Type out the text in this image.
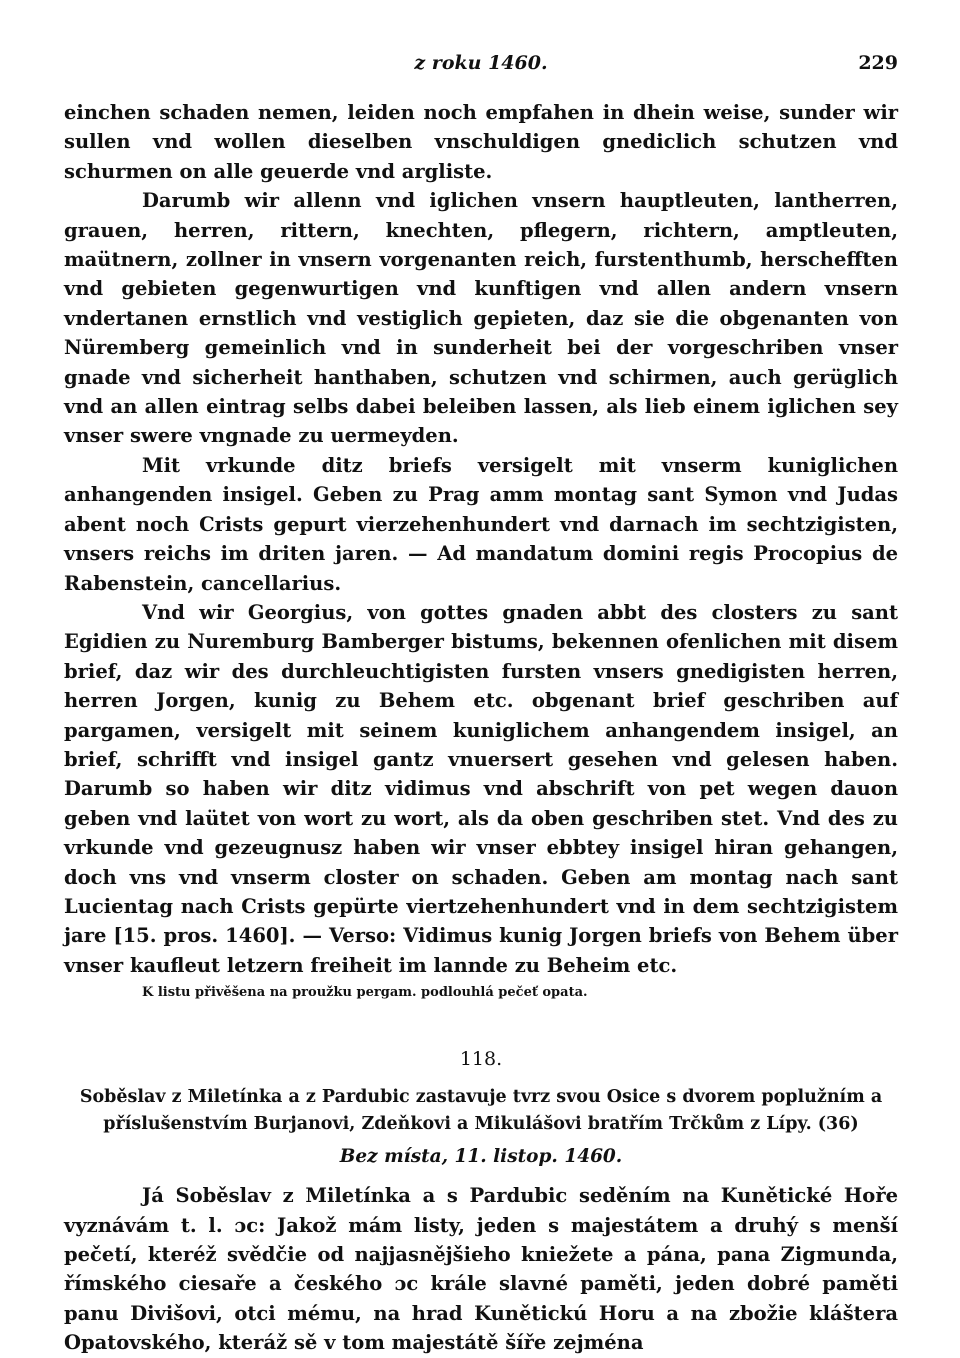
z roku 1460.	229

einchen schaden nemen, leiden noch empfahen in dhein weise, sunder wir sullen vnd wollen dieselben vnschuldigen gnediclich schutzen vnd schurmen on alle geuerde vnd argliste.

Darumb wir allenn vnd iglichen vnsern hauptleuten, lantherren, grauen, herren, rittern, knechten, pflegern, richtern, amptleuten, maütnern, zollner in vnsern vorgenanten reich, furstenthumb, herschefften vnd gebieten gegenwurtigen vnd kunftigen vnd allen andern vnsern vndertanen ernstlich vnd vestiglich gepieten, daz sie die obgenanten von Nüremberg gemeinlich vnd in sunderheit bei der vorgeschriben vnser gnade vnd sicherheit hanthaben, schutzen vnd schirmen, auch gerüglich vnd an allen eintrag selbs dabei beleiben lassen, als lieb einem iglichen sey vnser swere vngnade zu uermeyden.

Mit vrkunde ditz briefs versigelt mit vnserm kuniglichen anhangenden insigel. Geben zu Prag amm montag sant Symon vnd Judas abent noch Crists gepurt vierzehenhundert vnd darnach im sechtzigisten, vnsers reichs im driten jaren. — Ad mandatum domini regis Procopius de Rabenstein, cancellarius.

Vnd wir Georgius, von gottes gnaden abbt des closters zu sant Egidien zu Nuremburg Bamberger bistums, bekennen ofenlichen mit disem brief, daz wir des durchleuchtigisten fursten vnsers gnedigisten herren, herren Jorgen, kunig zu Behem etc. obgenant brief geschriben auf pargamen, versigelt mit seinem kuniglichem anhangendem insigel, an brief, schrifft vnd insigel gantz vnuersert gesehen vnd gelesen haben. Darumb so haben wir ditz vidimus vnd abschrift von pet wegen dauon geben vnd laütet von wort zu wort, als da oben geschriben stet. Vnd des zu vrkunde vnd gezeugnusz haben wir vnser ebbtey insigel hiran gehangen, doch vns vnd vnserm closter on schaden. Geben am montag nach sant Lucientag nach Crists gepürte viertzehenhundert vnd in dem sechtzigistem jare [15. pros. 1460]. — Verso: Vidimus kunig Jorgen briefs von Behem über vnser kaufleut letzern freiheit im lannde zu Beheim etc.

K listu přivěšena na proužku pergam. podlouhlá pečeť opata.
118.
Soběslav z Miletínka a z Pardubic zastavuje tvrz svou Osice s dvorem poplužním a příslušenstvím Burjanovi, Zdeňkovi a Mikulášovi bratřím Trčkům z Lípy. (36)
Bez místa, 11. listop. 1460.

Já Soběslav z Miletínka a s Pardubic seděním na Kunětické Hoře vyznávám t. l. ɔc: Jakož mám listy, jeden s majestátem a druhý s menší pečetí, kteréž svědčie od najjasnějšieho kniežete a pána, pana Zigmunda, římského ciesaře a českého ɔc krále slavné paměti, jeden dobré paměti panu Divišovi, otci mému, na hrad Kunětickú Horu a na zbožie kláštera Opatovského, kteráž sě v tom majestátě šíře zejména
